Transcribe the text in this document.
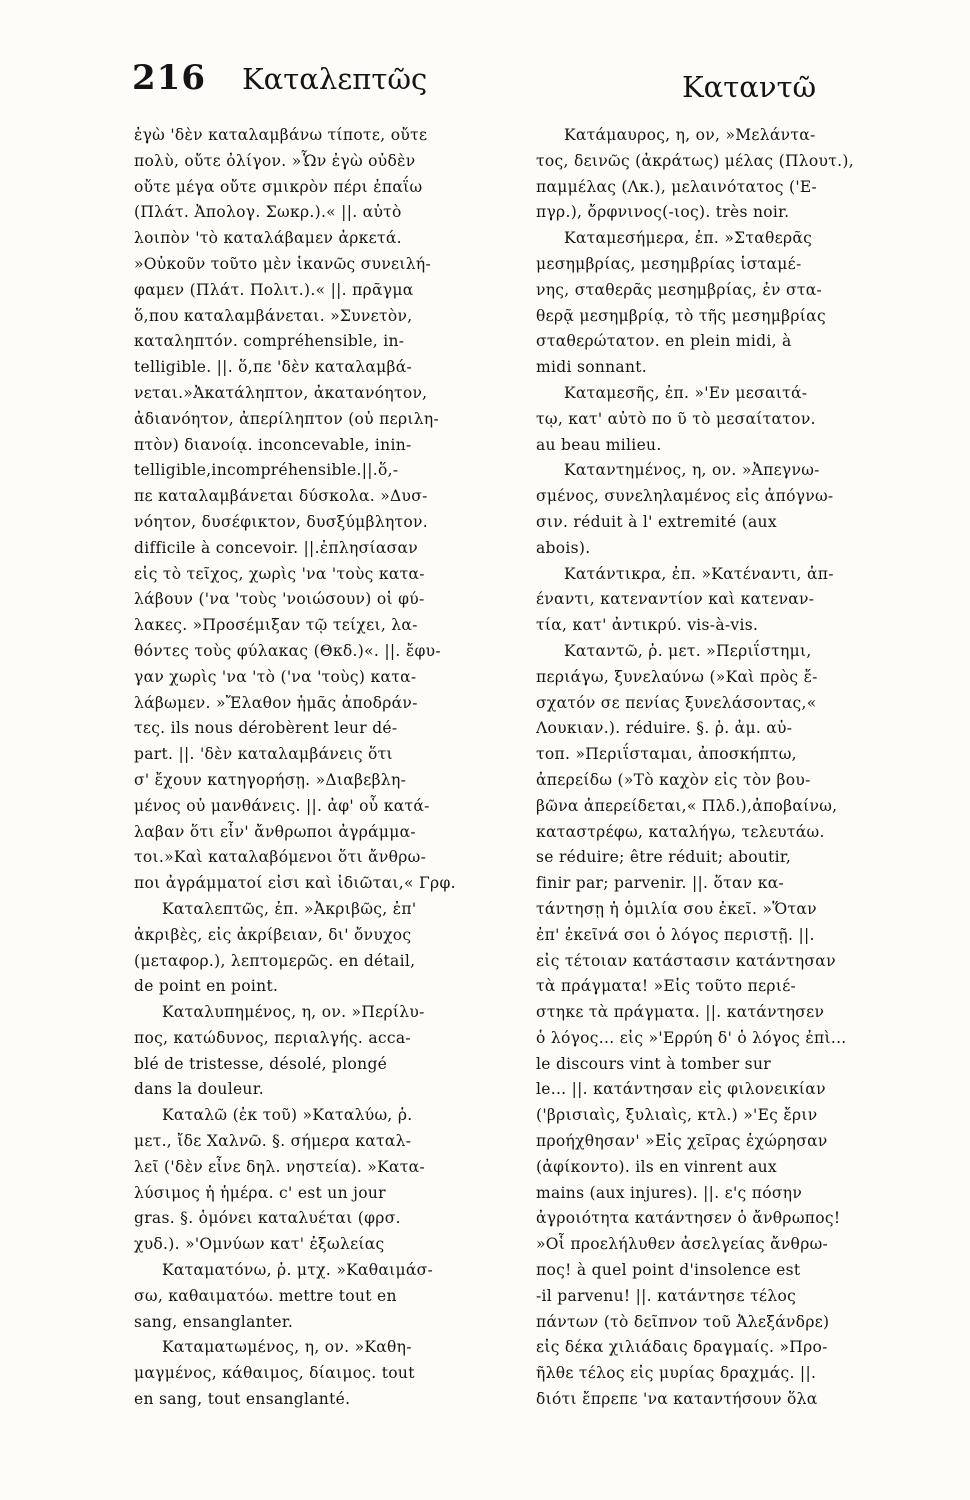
216 Καταλεπτῶς	Καταντῶ
ἐγὼ 'δὲν καταλαμβάνω τίποτε, οὔτε
πολὺ, οὔτε ὀλίγον. »Ὧν ἐγὼ οὐδὲν
οὔτε μέγα οὔτε σμικρὸν πέρι ἐπαΐω
(Πλάτ. Ἀπολογ. Σωκρ.).« ||. αὐτὸ
λοιπὸν 'τὸ καταλάβαμεν ἀρκετά.
»Οὐκοῦν τοῦτο μὲν ἱκανῶς συνειλή-
φαμεν (Πλάτ. Πολιτ.).« ||. πρᾶγμα
ὅ,που καταλαμβάνεται. »Συνετὸν,
καταληπτόν. compréhensible, in-
telligible. ||. ὅ,πε 'δὲν καταλαμβά-
νεται.»Ἀκατάληπτον, ἀκατανόητον,
ἀδιανόητον, ἀπερίληπτον (οὐ περιλη-
πτὸν) διανοίᾳ. inconcevable, inin-
telligible,incompréhensible.||.ὅ,-
πε καταλαμβάνεται δύσκολα. »Δυσ-
νόητον, δυσέφικτον, δυσξύμβλητον.
difficile à concevoir. ||.ἐπλησίασαν
εἰς τὸ τεῖχος, χωρὶς 'να 'τοὺς κατα-
λάβουν ('να 'τοὺς 'νοιώσουν) οἱ φύ-
λακες. »Προσέμιξαν τῷ τείχει, λα-
θόντες τοὺς φύλακας (Θκδ.)«. ||. ἔφυ-
γαν χωρὶς 'να 'τὸ ('να 'τοὺς) κατα-
λάβωμεν. »Ἔλαθον ἡμᾶς ἀποδράν-
τες. ils nous dérobèrent leur dé-
part. ||. 'δὲν καταλαμβάνεις ὅτι
σ' ἔχουν κατηγορήσῃ. »Διαβεβλη-
μένος οὐ μανθάνεις. ||. ἀφ' οὗ κατά-
λαβαν ὅτι εἶν' ἄνθρωποι ἀγράμμα-
τοι.»Καὶ καταλαβόμενοι ὅτι ἄνθρω-
ποι ἀγράμματοί εἰσι καὶ ἰδιῶται,« Γρφ.
Καταλεπτῶς, ἐπ. »Ἀκριβῶς, ἐπ'
ἀκριβὲς, εἰς ἀκρίβειαν, δι' ὄνυχος
(μεταφορ.), λεπτομερῶς. en détail,
de point en point.
Καταλυπημένος, η, ον. »Περίλυ-
πος, κατώδυνος, περιαλγής. acca-
blé de tristesse, désolé, plongé
dans la douleur.
Καταλῶ (ἐκ τοῦ) »Καταλύω, ῥ.
μετ., ἴδε Χαλνῶ. §. σήμερα καταλ-
λεῖ ('δὲν εἶνε δηλ. νηστεία). »Κατα-
λύσιμος ἡ ἡμέρα. c' est un jour
gras. §. ὁμόνει καταλυέται (φρσ.
χυδ.). »'Ομνύων κατ' ἐξωλείας
Καταματόνω, ῥ. μτχ. »Καθαιμάσ-
σω, καθαιματόω. mettre tout en
sang, ensanglanter.
Καταματωμένος, η, ον. »Καθη-
μαγμένος, κάθαιμος, δίαιμος. tout
en sang, tout ensanglanté.
Κατάμαυρος, η, ον, »Μελάντα-
τος, δεινῶς (ἀκράτως) μέλας (Πλουτ.),
παμμέλας (Λκ.), μελαινότατος ('Ε-
πγρ.), ὄρφνινος(-ιος). très noir.
Καταμεσήμερα, ἐπ. »Σταθερᾶς
μεσημβρίας, μεσημβρίας ἱσταμέ-
νης, σταθερᾶς μεσημβρίας, ἐν στα-
θερᾷ μεσημβρίᾳ, τὸ τῆς μεσημβρίας
σταθερώτατον. en plein midi, à
midi sonnant.
Καταμεσῆς, ἐπ. »'Εν μεσαιτά-
τῳ, κατ' αὐτὸ πο ῦ τὸ μεσαίτατον.
au beau milieu.
Καταντημένος, η, ον. »Ἀπεγνω-
σμένος, συνεληλαμένος εἰς ἀπόγνω-
σιν. réduit à l' extremité (aux
abois).
Κατάντικρα, ἐπ. »Κατέναντι, ἀπ-
έναντι, κατεναντίον καὶ κατεναν-
τία, κατ' ἀντικρύ. vis-à-vis.
Καταντῶ, ῥ. μετ. »Περιΐστημι,
περιάγω, ξυνελαύνω (»Καὶ πρὸς ἔ-
σχατόν σε πενίας ξυνελάσοντας,«
Λουκιαν.). réduire. §. ῥ. ἀμ. αὐ-
τοπ. »Περιΐσταμαι, ἀποσκήπτω,
ἀπερείδω (»Τὸ καχὸν εἰς τὸν βου-
βῶνα ἀπερείδεται,« Πλδ.),ἀποβαίνω,
καταστρέφω, καταλήγω, τελευτάω.
se réduire; être réduit; aboutir,
finir par; parvenir. ||. ὅταν κα-
τάντησῃ ἡ ὁμιλία σου ἐκεῖ. »Ὅταν
ἐπ' ἐκεῖνά σοι ὁ λόγος περιστῇ. ||.
εἰς τέτοιαν κατάστασιν κατάντησαν
τὰ πράγματα! »Εἰς τοῦτο περιέ-
στηκε τὰ πράγματα. ||. κατάντησεν
ὁ λόγος... εἰς »'Ερρύη δ' ὁ λόγος ἐπὶ...
le discours vint à tomber sur
le... ||. κατάντησαν εἰς φιλονεικίαν
('βρισιαὶς, ξυλιαὶς, κτλ.) »'Ες ἔριν
προήχθησαν' »Εἰς χεῖρας ἐχώρησαν
(ἀφίκοντο). ils en vinrent aux
mains (aux injures). ||. ε'ς πόσην
ἀγροιότητα κατάντησεν ὁ ἄνθρωπος!
»Οἷ προελήλυθεν ἀσελγείας ἄνθρω-
πος! à quel point d'insolence est
-il parvenu! ||. κατάντησε τέλος
πάντων (τὸ δεῖπνον τοῦ Ἀλεξάνδρε)
εἰς δέκα χιλιάδαις δραγμαίς. »Προ-
ῆλθε τέλος εἰς μυρίας δραχμάς. ||.
διότι ἔπρεπε 'να καταντήσουν ὅλα
